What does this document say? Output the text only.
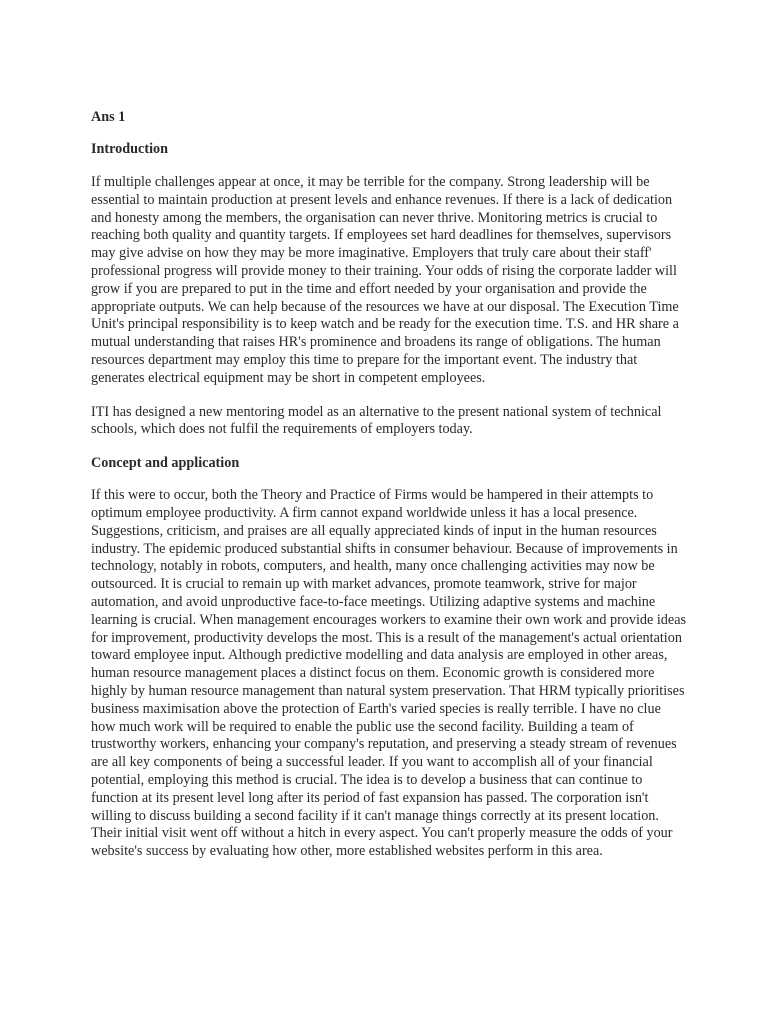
Ans 1

Introduction

If multiple challenges appear at once, it may be terrible for the company. Strong leadership will be essential to maintain production at present levels and enhance revenues. If there is a lack of dedication and honesty among the members, the organisation can never thrive. Monitoring metrics is crucial to reaching both quality and quantity targets. If employees set hard deadlines for themselves, supervisors may give advise on how they may be more imaginative. Employers that truly care about their staff' professional progress will provide money to their training. Your odds of rising the corporate ladder will grow if you are prepared to put in the time and effort needed by your organisation and provide the appropriate outputs. We can help because of the resources we have at our disposal. The Execution Time Unit's principal responsibility is to keep watch and be ready for the execution time. T.S. and HR share a mutual understanding that raises HR's prominence and broadens its range of obligations. The human resources department may employ this time to prepare for the important event. The industry that generates electrical equipment may be short in competent employees.

ITI has designed a new mentoring model as an alternative to the present national system of technical schools, which does not fulfil the requirements of employers today.

Concept and application

If this were to occur, both the Theory and Practice of Firms would be hampered in their attempts to optimum employee productivity. A firm cannot expand worldwide unless it has a local presence. Suggestions, criticism, and praises are all equally appreciated kinds of input in the human resources industry. The epidemic produced substantial shifts in consumer behaviour. Because of improvements in technology, notably in robots, computers, and health, many once challenging activities may now be outsourced. It is crucial to remain up with market advances, promote teamwork, strive for major automation, and avoid unproductive face-to-face meetings. Utilizing adaptive systems and machine learning is crucial. When management encourages workers to examine their own work and provide ideas for improvement, productivity develops the most. This is a result of the management's actual orientation toward employee input. Although predictive modelling and data analysis are employed in other areas, human resource management places a distinct focus on them. Economic growth is considered more highly by human resource management than natural system preservation. That HRM typically prioritises business maximisation above the protection of Earth's varied species is really terrible. I have no clue how much work will be required to enable the public use the second facility. Building a team of trustworthy workers, enhancing your company's reputation, and preserving a steady stream of revenues are all key components of being a successful leader. If you want to accomplish all of your financial potential, employing this method is crucial. The idea is to develop a business that can continue to function at its present level long after its period of fast expansion has passed. The corporation isn't willing to discuss building a second facility if it can't manage things correctly at its present location. Their initial visit went off without a hitch in every aspect. You can't properly measure the odds of your website's success by evaluating how other, more established websites perform in this area.
